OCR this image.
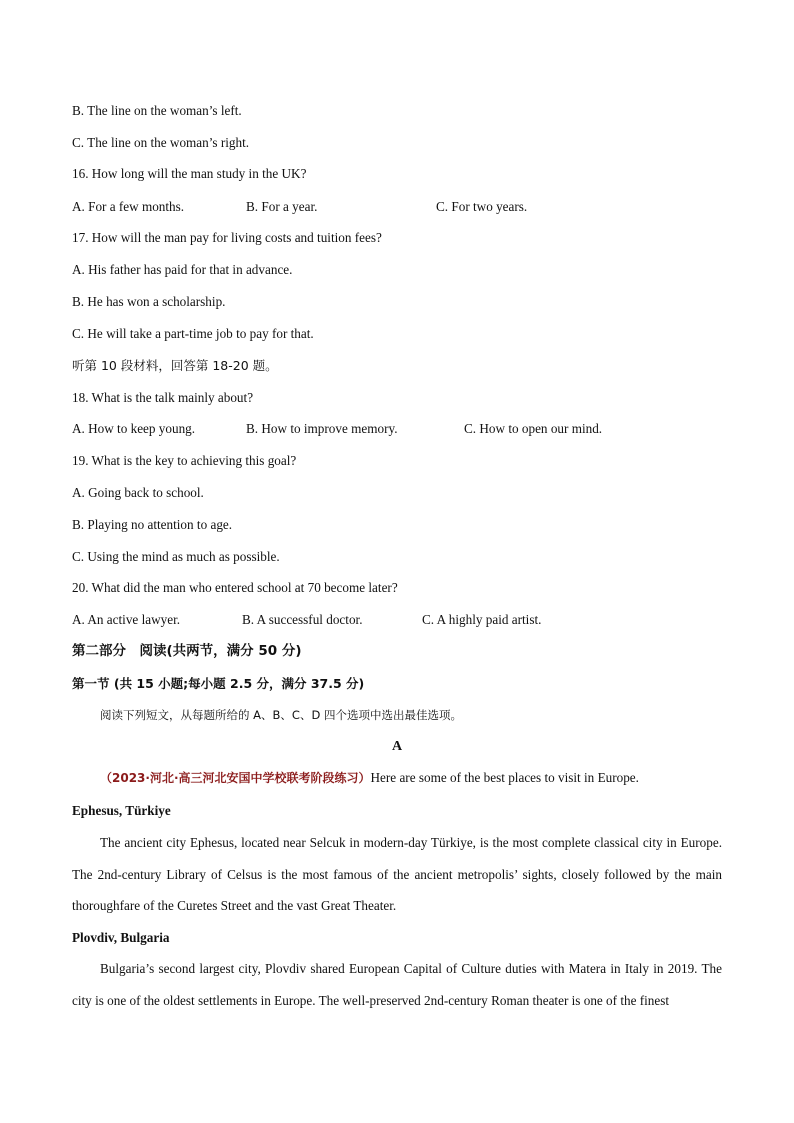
B. The line on the woman’s left.
C. The line on the woman’s right.
16. How long will the man study in the UK?
A. For a few months.	B. For a year.	C. For two years.
17. How will the man pay for living costs and tuition fees?
A. His father has paid for that in advance.
B. He has won a scholarship.
C. He will take a part-time job to pay for that.
听第 10 段材料，回答第 18-20 题。
18. What is the talk mainly about?
A. How to keep young.	B. How to improve memory.	C. How to open our mind.
19. What is the key to achieving this goal?
A. Going back to school.
B. Playing no attention to age.
C. Using the mind as much as possible.
20. What did the man who entered school at 70 become later?
A. An active lawyer.	B. A successful doctor.	C. A highly paid artist.
第二部分　阅读(共两节，满分 50 分)
第一节 (共 15 小题;每小题 2.5 分，满分 37.5 分)
阅读下列短文，从每题所给的 A、B、C、D 四个选项中选出最佳选项。
A
（2023·河北·高三河北安国中学校联考阶段练习）Here are some of the best places to visit in Europe.
Ephesus, Türkiye
The ancient city Ephesus, located near Selcuk in modern-day Türkiye, is the most complete classical city in Europe. The 2nd-century Library of Celsus is the most famous of the ancient metropolis’ sights, closely followed by the main thoroughfare of the Curetes Street and the vast Great Theater.
Plovdiv, Bulgaria
Bulgaria’s second largest city, Plovdiv shared European Capital of Culture duties with Matera in Italy in 2019. The city is one of the oldest settlements in Europe. The well-preserved 2nd-century Roman theater is one of the finest
